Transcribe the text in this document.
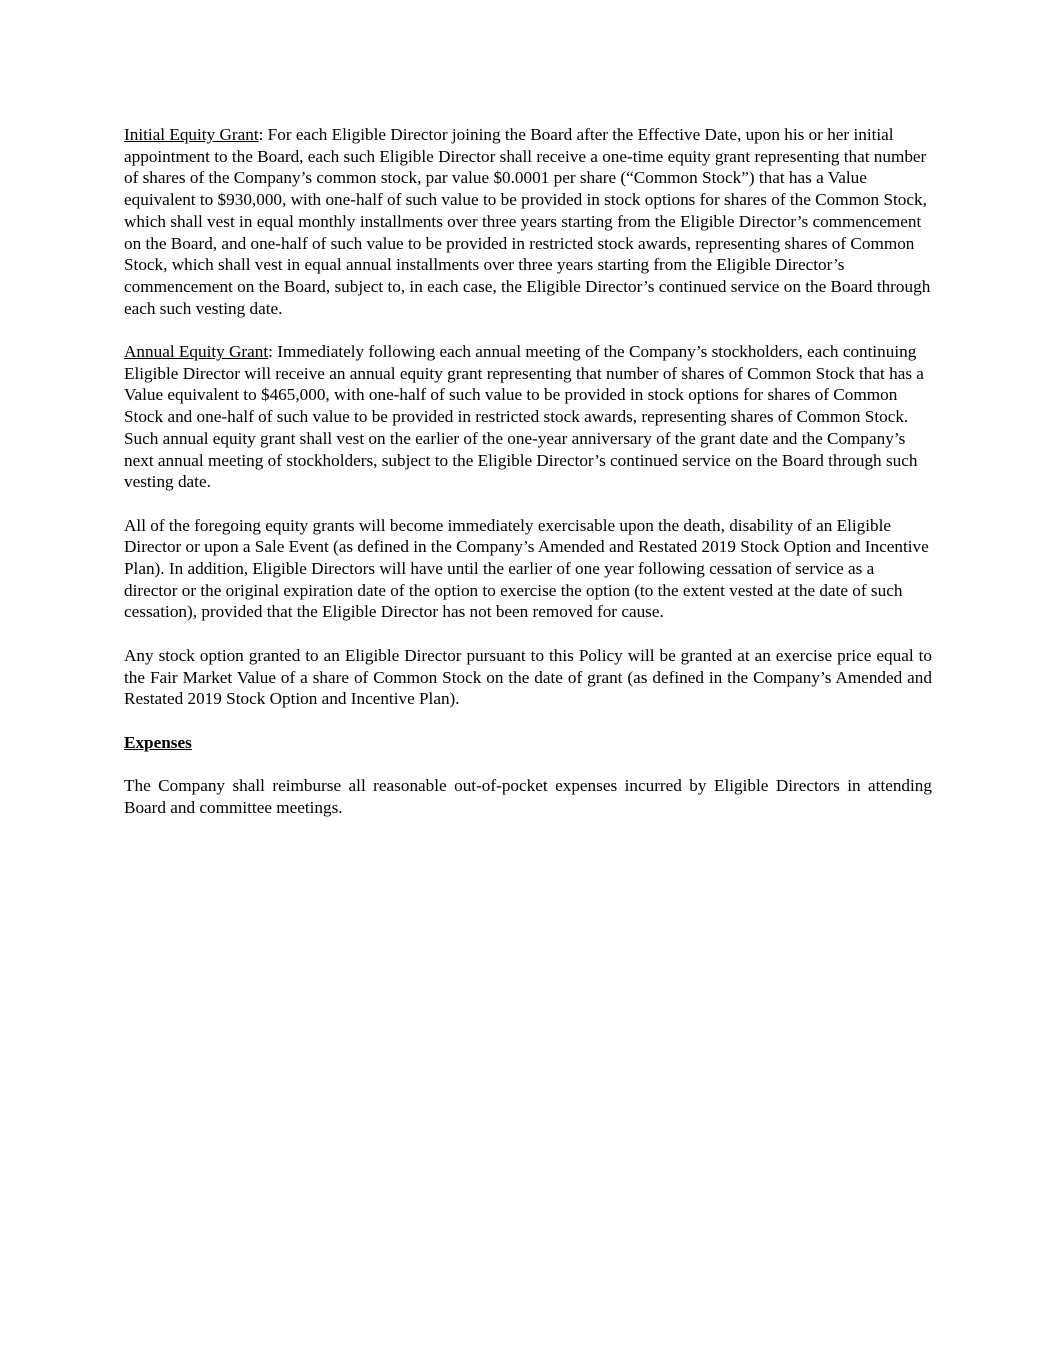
Initial Equity Grant: For each Eligible Director joining the Board after the Effective Date, upon his or her initial appointment to the Board, each such Eligible Director shall receive a one-time equity grant representing that number of shares of the Company’s common stock, par value $0.0001 per share (“Common Stock”) that has a Value equivalent to $930,000, with one-half of such value to be provided in stock options for shares of the Common Stock, which shall vest in equal monthly installments over three years starting from the Eligible Director’s commencement on the Board, and one-half of such value to be provided in restricted stock awards, representing shares of Common Stock, which shall vest in equal annual installments over three years starting from the Eligible Director’s commencement on the Board, subject to, in each case, the Eligible Director’s continued service on the Board through each such vesting date.

Annual Equity Grant: Immediately following each annual meeting of the Company’s stockholders, each continuing Eligible Director will receive an annual equity grant representing that number of shares of Common Stock that has a Value equivalent to $465,000, with one-half of such value to be provided in stock options for shares of Common Stock and one-half of such value to be provided in restricted stock awards, representing shares of Common Stock. Such annual equity grant shall vest on the earlier of the one-year anniversary of the grant date and the Company’s next annual meeting of stockholders, subject to the Eligible Director’s continued service on the Board through such vesting date.

All of the foregoing equity grants will become immediately exercisable upon the death, disability of an Eligible Director or upon a Sale Event (as defined in the Company’s Amended and Restated 2019 Stock Option and Incentive Plan). In addition, Eligible Directors will have until the earlier of one year following cessation of service as a director or the original expiration date of the option to exercise the option (to the extent vested at the date of such cessation), provided that the Eligible Director has not been removed for cause.

Any stock option granted to an Eligible Director pursuant to this Policy will be granted at an exercise price equal to the Fair Market Value of a share of Common Stock on the date of grant (as defined in the Company’s Amended and Restated 2019 Stock Option and Incentive Plan).

Expenses

The Company shall reimburse all reasonable out-of-pocket expenses incurred by Eligible Directors in attending Board and committee meetings.
